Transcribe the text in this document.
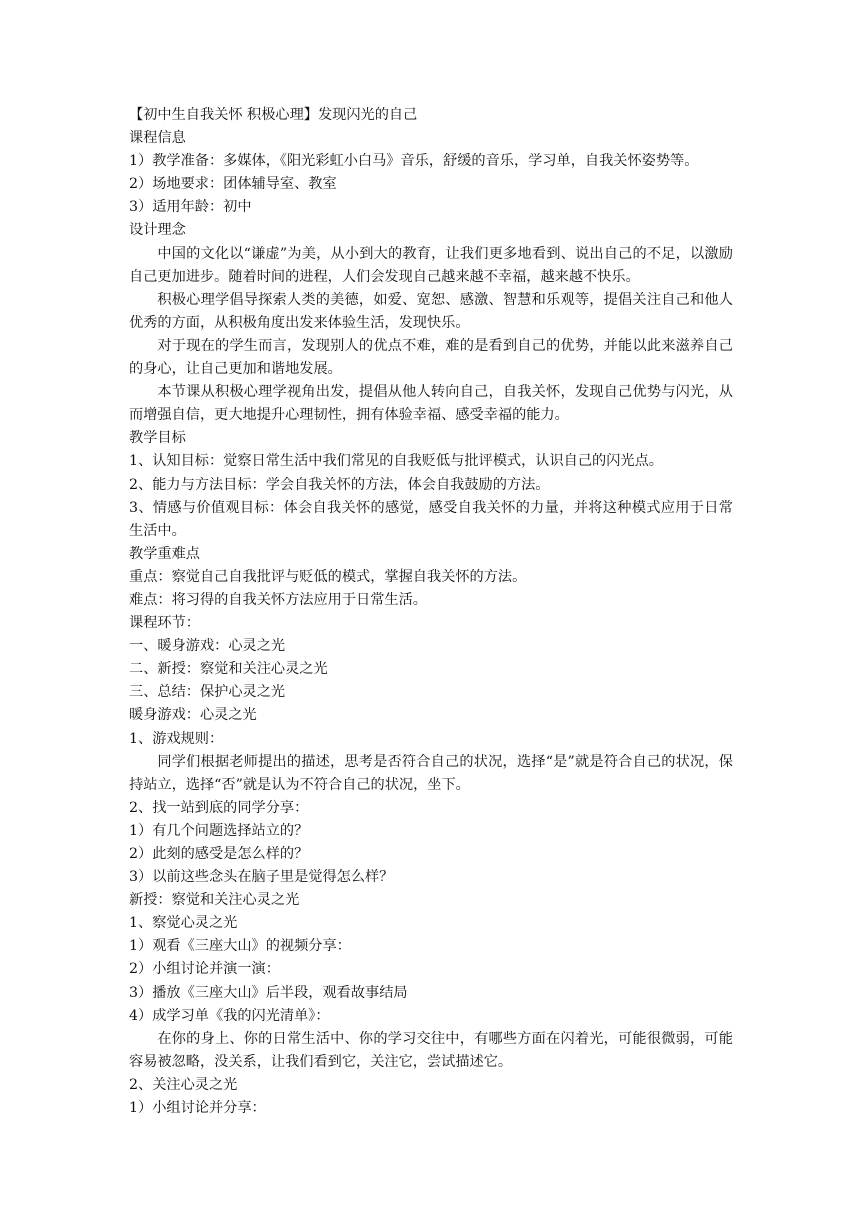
【初中生自我关怀 积极心理】发现闪光的自己
课程信息
1）教学准备：多媒体，《阳光彩虹小白马》音乐，舒缓的音乐，学习单，自我关怀姿势等。
2）场地要求：团体辅导室、教室
3）适用年龄：初中
设计理念

中国的文化以“谦虚”为美，从小到大的教育，让我们更多地看到、说出自己的不足，以激励自己更加进步。随着时间的进程，人们会发现自己越来越不幸福，越来越不快乐。

积极心理学倡导探索人类的美德，如爱、宽恕、感激、智慧和乐观等，提倡关注自己和他人优秀的方面，从积极角度出发来体验生活，发现快乐。

对于现在的学生而言，发现别人的优点不难，难的是看到自己的优势，并能以此来滋养自己的身心，让自己更加和谐地发展。

本节课从积极心理学视角出发，提倡从他人转向自己，自我关怀，发现自己优势与闪光，从而增强自信，更大地提升心理韧性，拥有体验幸福、感受幸福的能力。

教学目标
1、认知目标：觉察日常生活中我们常见的自我贬低与批评模式，认识自己的闪光点。
2、能力与方法目标：学会自我关怀的方法，体会自我鼓励的方法。

3、情感与价值观目标：体会自我关怀的感觉，感受自我关怀的力量，并将这种模式应用于日常生活中。

教学重难点
重点：察觉自己自我批评与贬低的模式，掌握自我关怀的方法。
难点：将习得的自我关怀方法应用于日常生活。
课程环节：
一、暖身游戏：心灵之光
二、新授：察觉和关注心灵之光
三、总结：保护心灵之光
暖身游戏：心灵之光
1、游戏规则：

同学们根据老师提出的描述，思考是否符合自己的状况，选择“是”就是符合自己的状况，保持站立，选择“否”就是认为不符合自己的状况，坐下。

2、找一站到底的同学分享：
1）有几个问题选择站立的？
2）此刻的感受是怎么样的？
3）以前这些念头在脑子里是觉得怎么样？
新授：察觉和关注心灵之光
1、察觉心灵之光
1）观看《三座大山》的视频分享：
2）小组讨论并演一演：
3）播放《三座大山》后半段，观看故事结局
4）成学习单《我的闪光清单》：

在你的身上、你的日常生活中、你的学习交往中，有哪些方面在闪着光，可能很微弱，可能容易被忽略，没关系，让我们看到它，关注它，尝试描述它。

2、关注心灵之光
1）小组讨论并分享：
